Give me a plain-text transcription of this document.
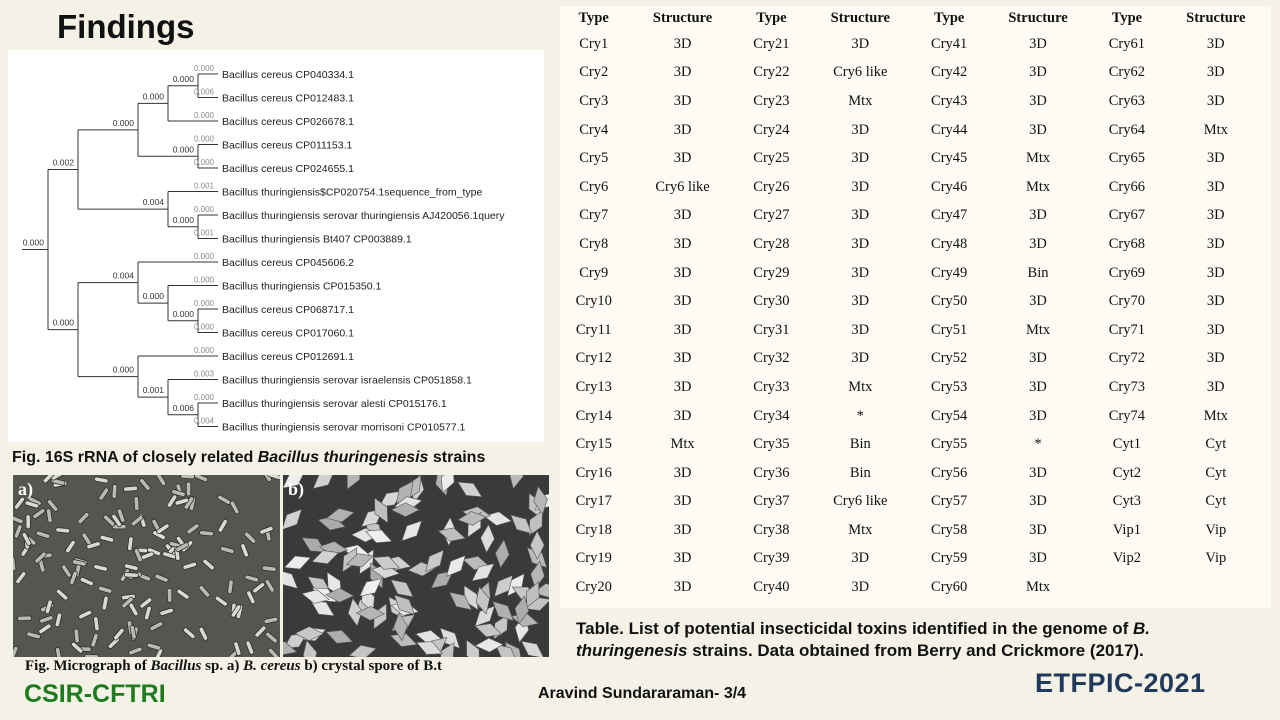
Findings
0.000
0.000
0.000
0.000
0.000
0.004
0.002
0.000
0.000
0.004
0.006
0.001
0.000
0.000
0.000
Bacillus cereus CP040334.1
0.000
Bacillus cereus CP012483.1
0.006
Bacillus cereus CP026678.1
0.000
Bacillus cereus CP011153.1
0.000
Bacillus cereus CP024655.1
0.000
Bacillus thuringiensis$CP020754.1sequence_from_type
0.001
Bacillus thuringiensis serovar thuringiensis AJ420056.1query
0.000
Bacillus thuringiensis Bt407 CP003889.1
0.001
Bacillus cereus CP045606.2
0.000
Bacillus thuringiensis CP015350.1
0.000
Bacillus cereus CP068717.1
0.000
Bacillus cereus CP017060.1
0.000
Bacillus cereus CP012691.1
0.000
Bacillus thuringiensis serovar israelensis CP051858.1
0.003
Bacillus thuringiensis serovar alesti CP015176.1
0.000
Bacillus thuringiensis serovar morrisoni CP010577.1
0.004
Fig. 16S rRNA of closely related Bacillus thuringenesis strains
a)	b)
Fig. Micrograph of Bacillus sp. a) B. cereus b) crystal spore of B.t
Type	Structure	Type	Structure	Type	Structure	Type	Structure
Cry1	3D	Cry21	3D	Cry41	3D	Cry61	3D
Cry2	3D	Cry22	Cry6 like	Cry42	3D	Cry62	3D
Cry3	3D	Cry23	Mtx	Cry43	3D	Cry63	3D
Cry4	3D	Cry24	3D	Cry44	3D	Cry64	Mtx
Cry5	3D	Cry25	3D	Cry45	Mtx	Cry65	3D
Cry6	Cry6 like	Cry26	3D	Cry46	Mtx	Cry66	3D
Cry7	3D	Cry27	3D	Cry47	3D	Cry67	3D
Cry8	3D	Cry28	3D	Cry48	3D	Cry68	3D
Cry9	3D	Cry29	3D	Cry49	Bin	Cry69	3D
Cry10	3D	Cry30	3D	Cry50	3D	Cry70	3D
Cry11	3D	Cry31	3D	Cry51	Mtx	Cry71	3D
Cry12	3D	Cry32	3D	Cry52	3D	Cry72	3D
Cry13	3D	Cry33	Mtx	Cry53	3D	Cry73	3D
Cry14	3D	Cry34	*	Cry54	3D	Cry74	Mtx
Cry15	Mtx	Cry35	Bin	Cry55	*	Cyt1	Cyt
Cry16	3D	Cry36	Bin	Cry56	3D	Cyt2	Cyt
Cry17	3D	Cry37	Cry6 like	Cry57	3D	Cyt3	Cyt
Cry18	3D	Cry38	Mtx	Cry58	3D	Vip1	Vip
Cry19	3D	Cry39	3D	Cry59	3D	Vip2	Vip
Cry20	3D	Cry40	3D	Cry60	Mtx		
Table. List of potential insecticidal toxins identified in the genome of B. thuringenesis strains. Data obtained from Berry and Crickmore (2017).
CSIR-CFTRI	Aravind Sundararaman- 3/4	ETFPIC-2021
